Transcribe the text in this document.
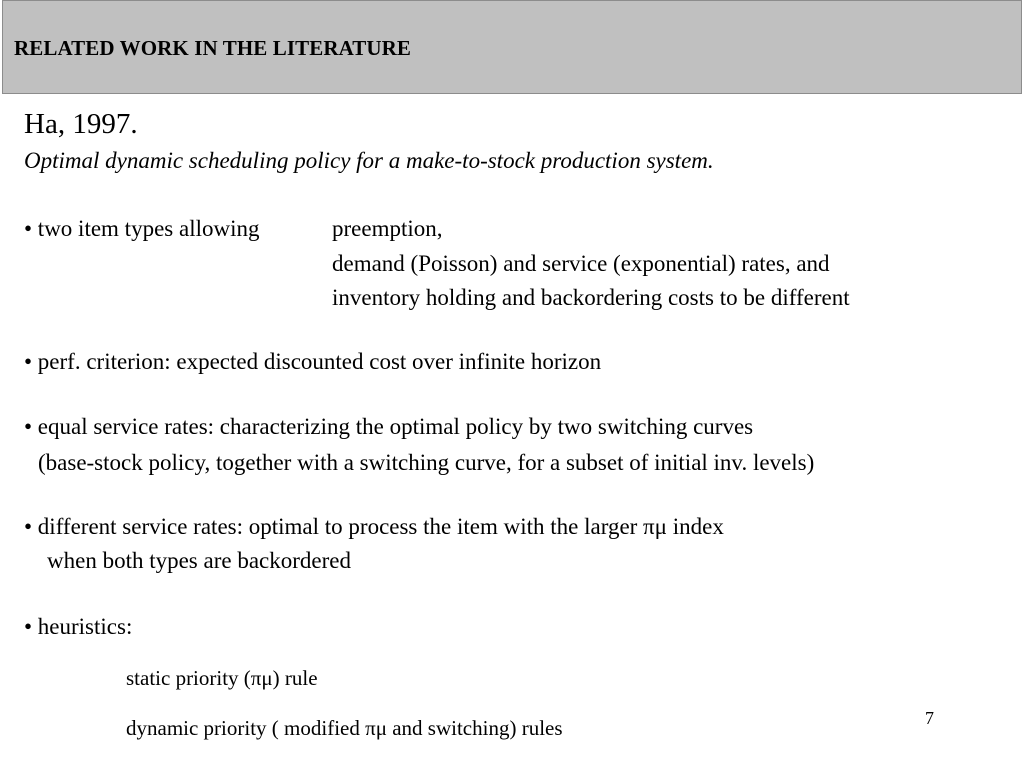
RELATED WORK IN THE LITERATURE
Ha, 1997.
Optimal dynamic scheduling policy for a make-to-stock production system.
• two item types allowing	preemption,
demand (Poisson) and service (exponential) rates, and
inventory holding and backordering costs to be different
• perf. criterion: expected discounted cost over infinite horizon
• equal service rates: characterizing the optimal policy by two switching curves
(base-stock policy, together with a switching curve, for a subset of initial inv. levels)
• different service rates: optimal to process the item with the larger πμ index
when both types are backordered
• heuristics:
static priority (πμ) rule
dynamic priority ( modified πμ and switching) rules	7
